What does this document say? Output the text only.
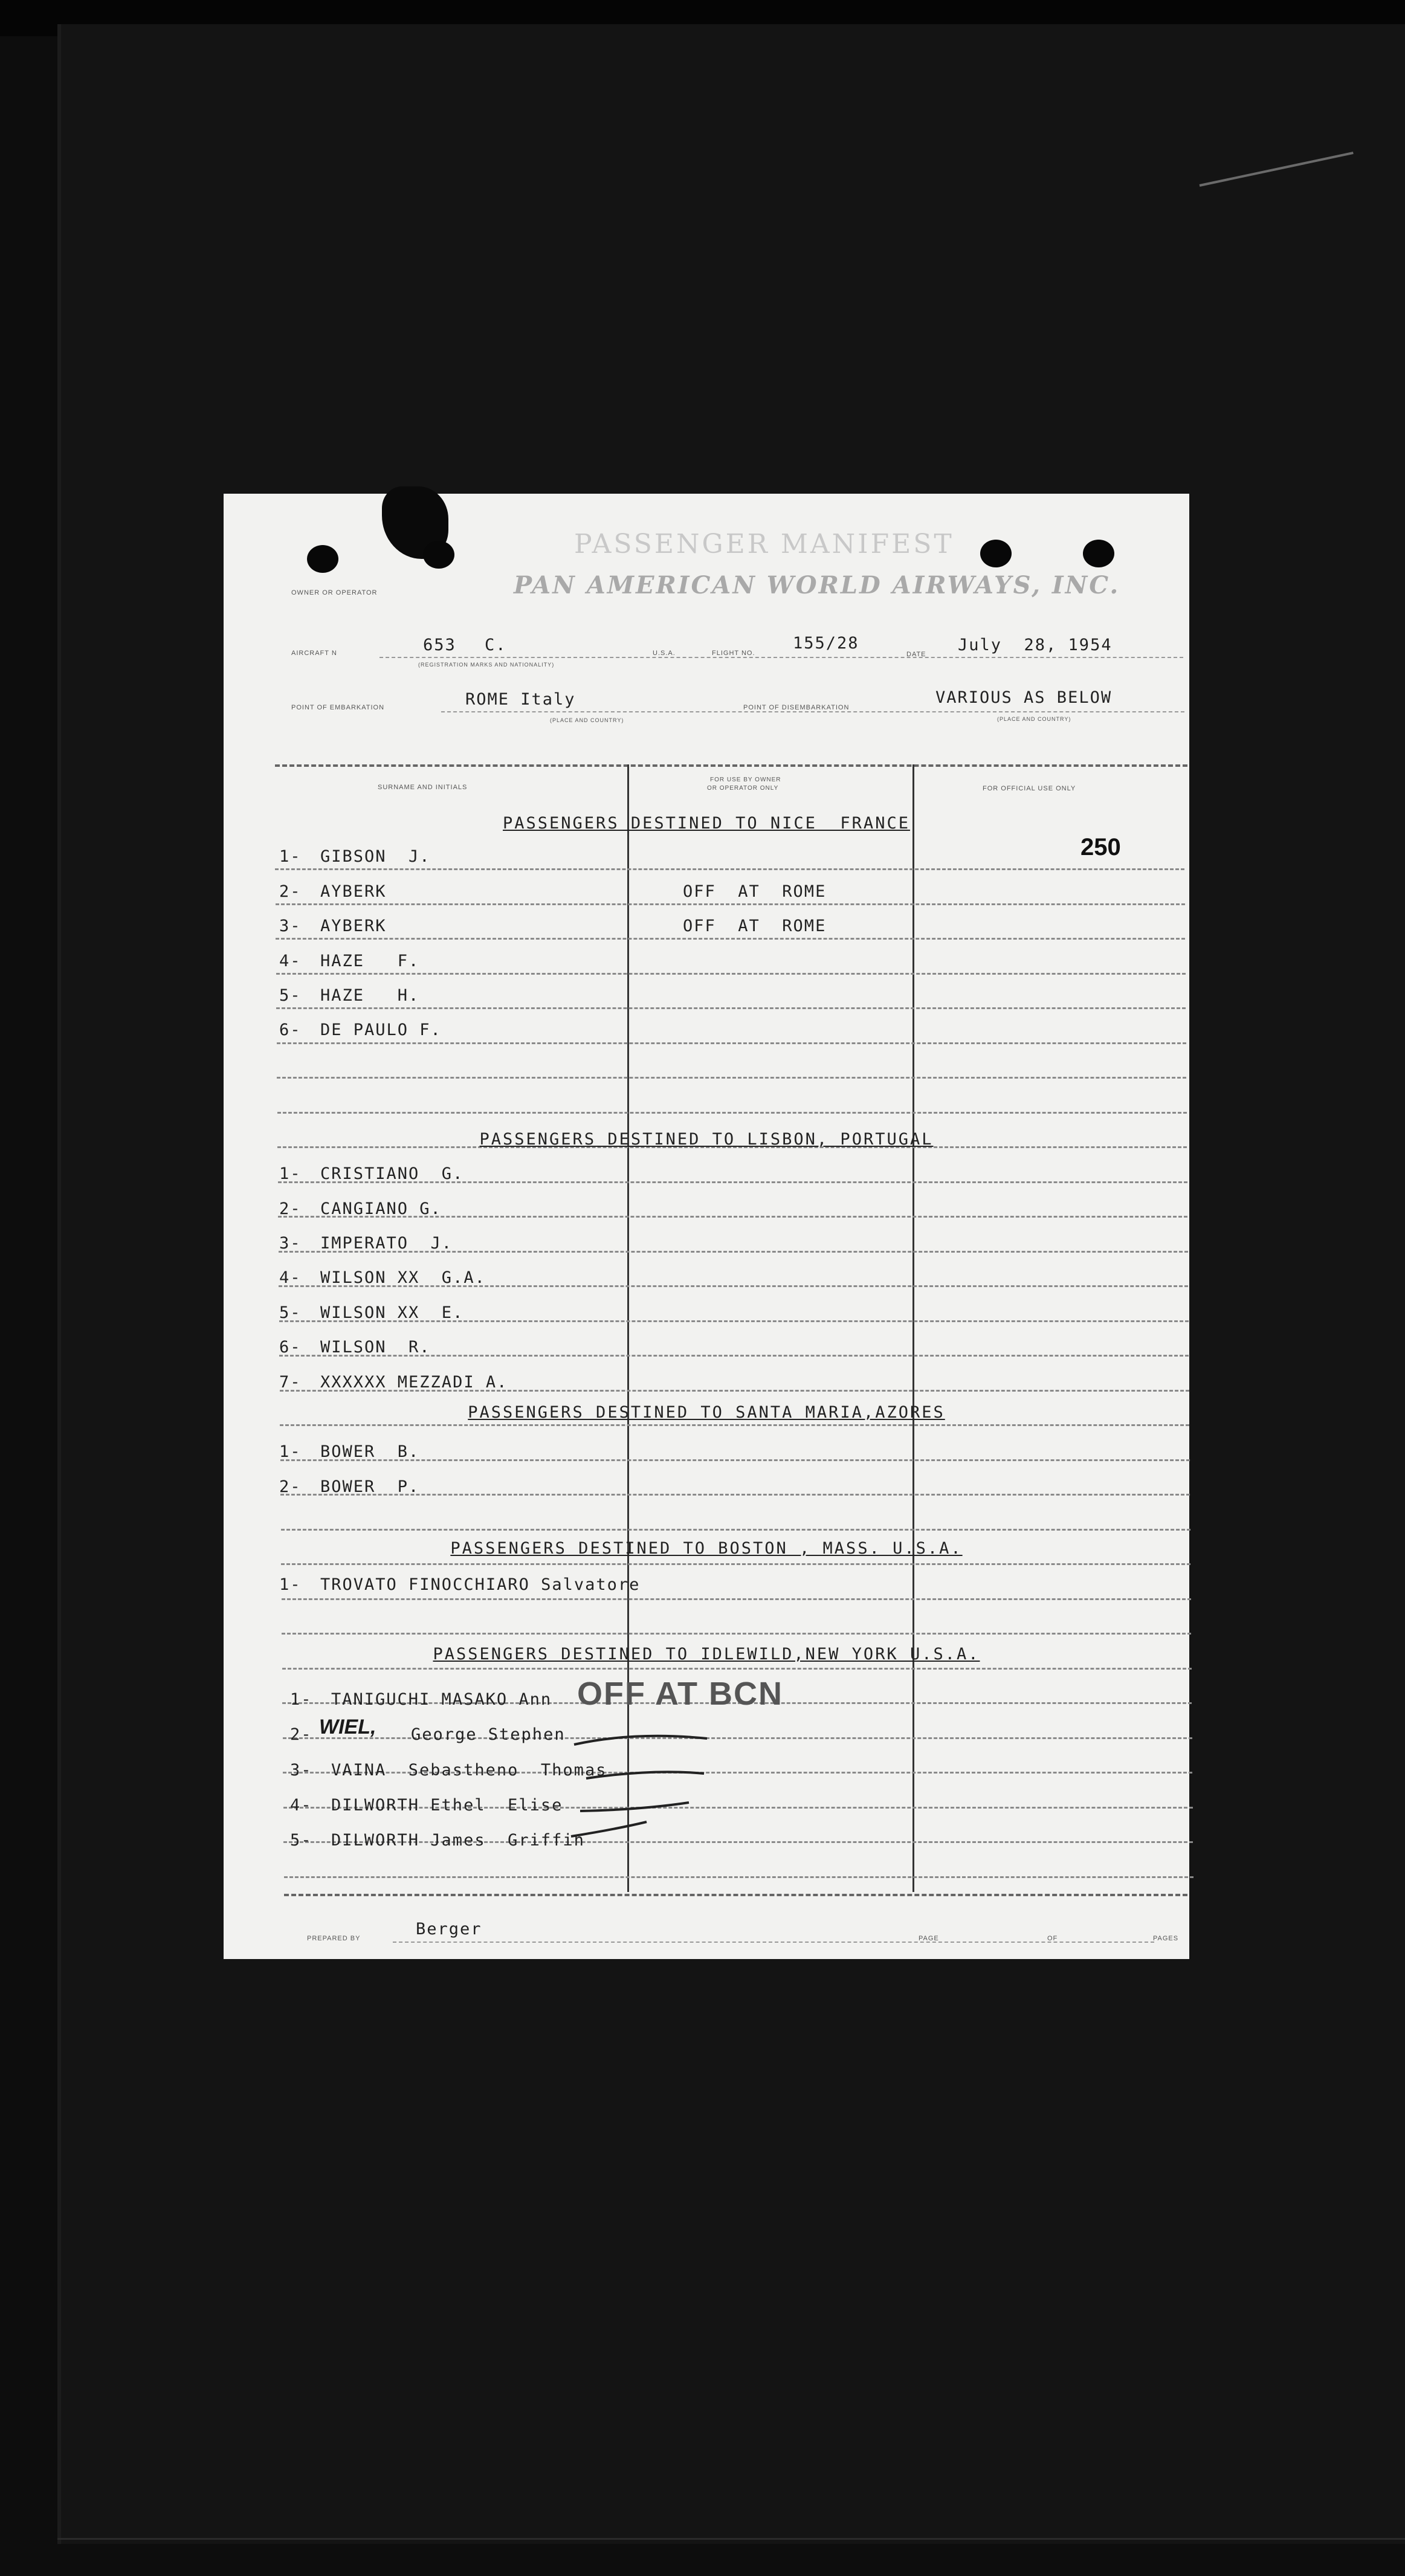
PASSENGER MANIFEST
PAN AMERICAN WORLD AIRWAYS, INC.
OWNER OR OPERATOR
AIRCRAFT N	653 C.
(REGISTRATION MARKS AND NATIONALITY)
U.S.A.	FLIGHT NO.
155/28
DATE July  28, 1954
POINT OF EMBARKATION	ROME Italy
(PLACE AND COUNTRY)
POINT OF DISEMBARKATION
VARIOUS AS BELOW
(PLACE AND COUNTRY)
SURNAME AND INITIALS
FOR USE BY OWNER
OR OPERATOR ONLY	FOR OFFICIAL USE ONLY
250
PASSENGERS DESTINED TO NICE  FRANCE
1- GIBSON  J.
2- AYBERK	OFF  AT  ROME
3- AYBERK	OFF  AT  ROME
4- HAZE   F.
5- HAZE   H.
6- DE PAULO F.
PASSENGERS DESTINED TO LISBON, PORTUGAL
1- CRISTIANO  G.
2- CANGIANO G.
3- IMPERATO  J.
4- WILSON XX  G.A.
5- WILSON XX  E.
6- WILSON  R.
7- XXXXXX MEZZADI A.
PASSENGERS DESTINED TO SANTA MARIA,AZORES
1- BOWER  B.
2- BOWER  P.
PASSENGERS DESTINED TO BOSTON , MASS. U.S.A.
1- TROVATO FINOCCHIARO Salvatore
PASSENGERS DESTINED TO IDLEWILD,NEW YORK U.S.A.
1- TANIGUCHI MASAKO Ann OFF AT BCN
2- WIEL, George Stephen
3- VAINA  Sebastheno  Thomas
4- DILWORTH Ethel  Elise
5- DILWORTH James  Griffin
PREPARED BY	Berger	PAGE	OF	PAGES
